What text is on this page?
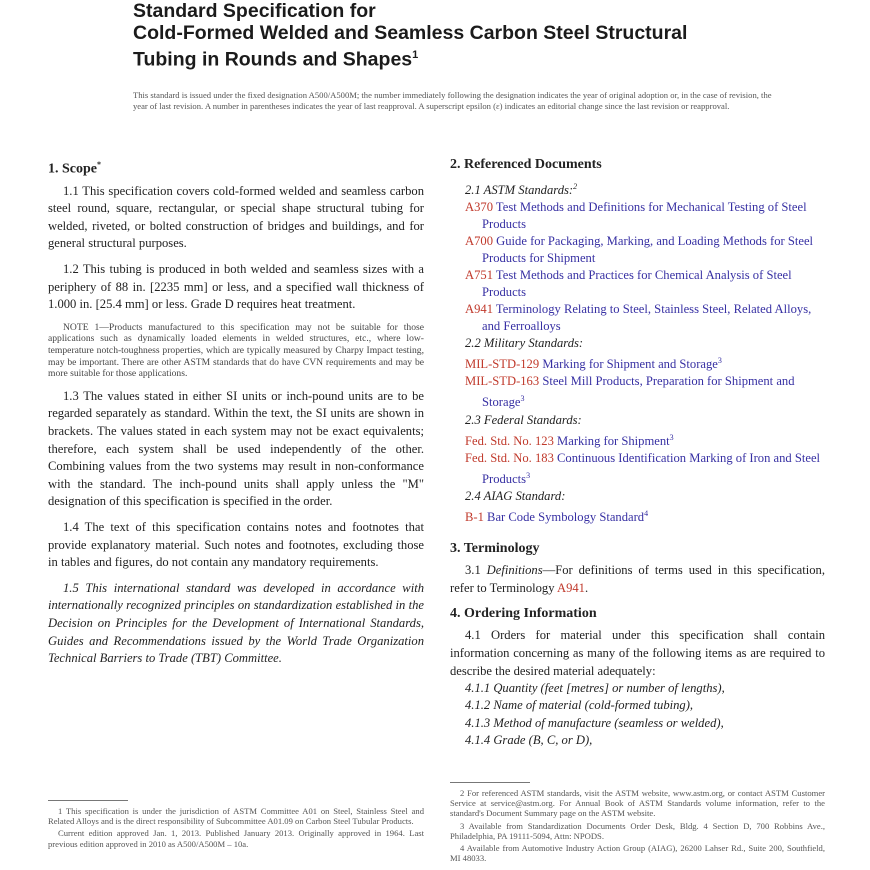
Standard Specification for
Cold-Formed Welded and Seamless Carbon Steel Structural
Tubing in Rounds and Shapes$^1$
This standard is issued under the fixed designation A500/A500M; the number immediately following the designation indicates the year of original adoption or, in the case of revision, the year of last revision. A number in parentheses indicates the year of last reapproval. A superscript epsilon (ε) indicates an editorial change since the last revision or reapproval.

1. Scope*

1.1 This specification covers cold-formed welded and seamless carbon steel round, square, rectangular, or special shape structural tubing for welded, riveted, or bolted construction of bridges and buildings, and for general structural purposes.

1.2 This tubing is produced in both welded and seamless sizes with a periphery of 88 in. [2235 mm] or less, and a specified wall thickness of 1.000 in. [25.4 mm] or less. Grade D requires heat treatment.

NOTE 1—Products manufactured to this specification may not be suitable for those applications such as dynamically loaded elements in welded structures, etc., where low-temperature notch-toughness properties, which are typically measured by Charpy Impact testing, may be important. There are other ASTM standards that do have CVN requirements and may be more suitable for those applications.

1.3 The values stated in either SI units or inch-pound units are to be regarded separately as standard. Within the text, the SI units are shown in brackets. The values stated in each system may not be exact equivalents; therefore, each system shall be used independently of the other. Combining values from the two systems may result in non-conformance with the standard. The inch-pound units shall apply unless the "M" designation of this specification is specified in the order.

1.4 The text of this specification contains notes and footnotes that provide explanatory material. Such notes and footnotes, excluding those in tables and figures, do not contain any mandatory requirements.

1.5 This international standard was developed in accordance with internationally recognized principles on standardization established in the Decision on Principles for the Development of International Standards, Guides and Recommendations issued by the World Trade Organization Technical Barriers to Trade (TBT) Committee.

2. Referenced Documents

2.1 ASTM Standards:$^2$

A370 Test Methods and Definitions for Mechanical Testing of Steel Products

A700 Guide for Packaging, Marking, and Loading Methods for Steel Products for Shipment

A751 Test Methods and Practices for Chemical Analysis of Steel Products

A941 Terminology Relating to Steel, Stainless Steel, Related Alloys, and Ferroalloys

2.2 Military Standards:

MIL-STD-129 Marking for Shipment and Storage$^3$

MIL-STD-163 Steel Mill Products, Preparation for Shipment and Storage$^3$

2.3 Federal Standards:

Fed. Std. No. 123 Marking for Shipment$^3$

Fed. Std. No. 183 Continuous Identification Marking of Iron and Steel Products$^3$

2.4 AIAG Standard:

B-1 Bar Code Symbology Standard$^4$

3. Terminology

3.1 Definitions—For definitions of terms used in this specification, refer to Terminology A941.

4. Ordering Information

4.1 Orders for material under this specification shall contain information concerning as many of the following items as are required to describe the desired material adequately:

4.1.1 Quantity (feet [metres] or number of lengths),

4.1.2 Name of material (cold-formed tubing),

4.1.3 Method of manufacture (seamless or welded),

4.1.4 Grade (B, C, or D),

1 This specification is under the jurisdiction of ASTM Committee A01 on Steel, Stainless Steel and Related Alloys and is the direct responsibility of Subcommittee A01.09 on Carbon Steel Tubular Products.

Current edition approved Jan. 1, 2013. Published January 2013. Originally approved in 1964. Last previous edition approved in 2010 as A500/A500M – 10a.

2 For referenced ASTM standards, visit the ASTM website, www.astm.org, or contact ASTM Customer Service at service@astm.org. For Annual Book of ASTM Standards volume information, refer to the standard's Document Summary page on the ASTM website.

3 Available from Standardization Documents Order Desk, Bldg. 4 Section D, 700 Robbins Ave., Philadelphia, PA 19111-5094, Attn: NPODS.

4 Available from Automotive Industry Action Group (AIAG), 26200 Lahser Rd., Suite 200, Southfield, MI 48033.
